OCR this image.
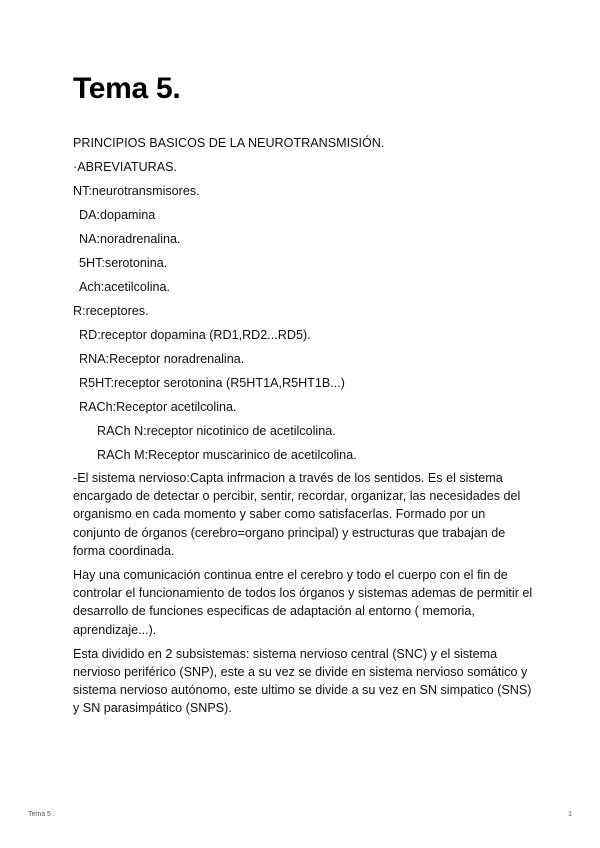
Tema 5.
PRINCIPIOS BASICOS DE LA NEUROTRANSMISIÓN.
·ABREVIATURAS.
NT:neurotransmisores.
DA:dopamina
NA:noradrenalina.
5HT:serotonina.
Ach:acetilcolina.
R:receptores.
RD:receptor dopamina (RD1,RD2...RD5).
RNA:Receptor noradrenalina.
R5HT:receptor serotonina (R5HT1A,R5HT1B...)
RACh:Receptor acetilcolina.
RACh N:receptor nicotinico de acetilcolina.
RACh M:Receptor muscarinico de acetilcolina.

-El sistema nervioso:Capta infrmacion a través de los sentidos. Es el sistema encargado de detectar o percibir, sentir, recordar, organizar, las necesidades del organismo en cada momento y saber como satisfacerlas. Formado por un conjunto de órganos (cerebro=organo principal) y estructuras que trabajan de forma coordinada.

Hay una comunicación continua entre el cerebro y todo el cuerpo con el fin de controlar el funcionamiento de todos los órganos y sistemas ademas de permitir el desarrollo de funciones especificas de adaptación al entorno ( memoria, aprendizaje...).

Esta dividido en 2 subsistemas: sistema nervioso central (SNC) y el sistema nervioso periférico (SNP), este a su vez se divide en sistema nervioso somático y sistema nervioso autónomo, este ultimo se divide a su vez en SN simpatico (SNS) y SN parasimpático (SNPS).

Tema 5 .	1
